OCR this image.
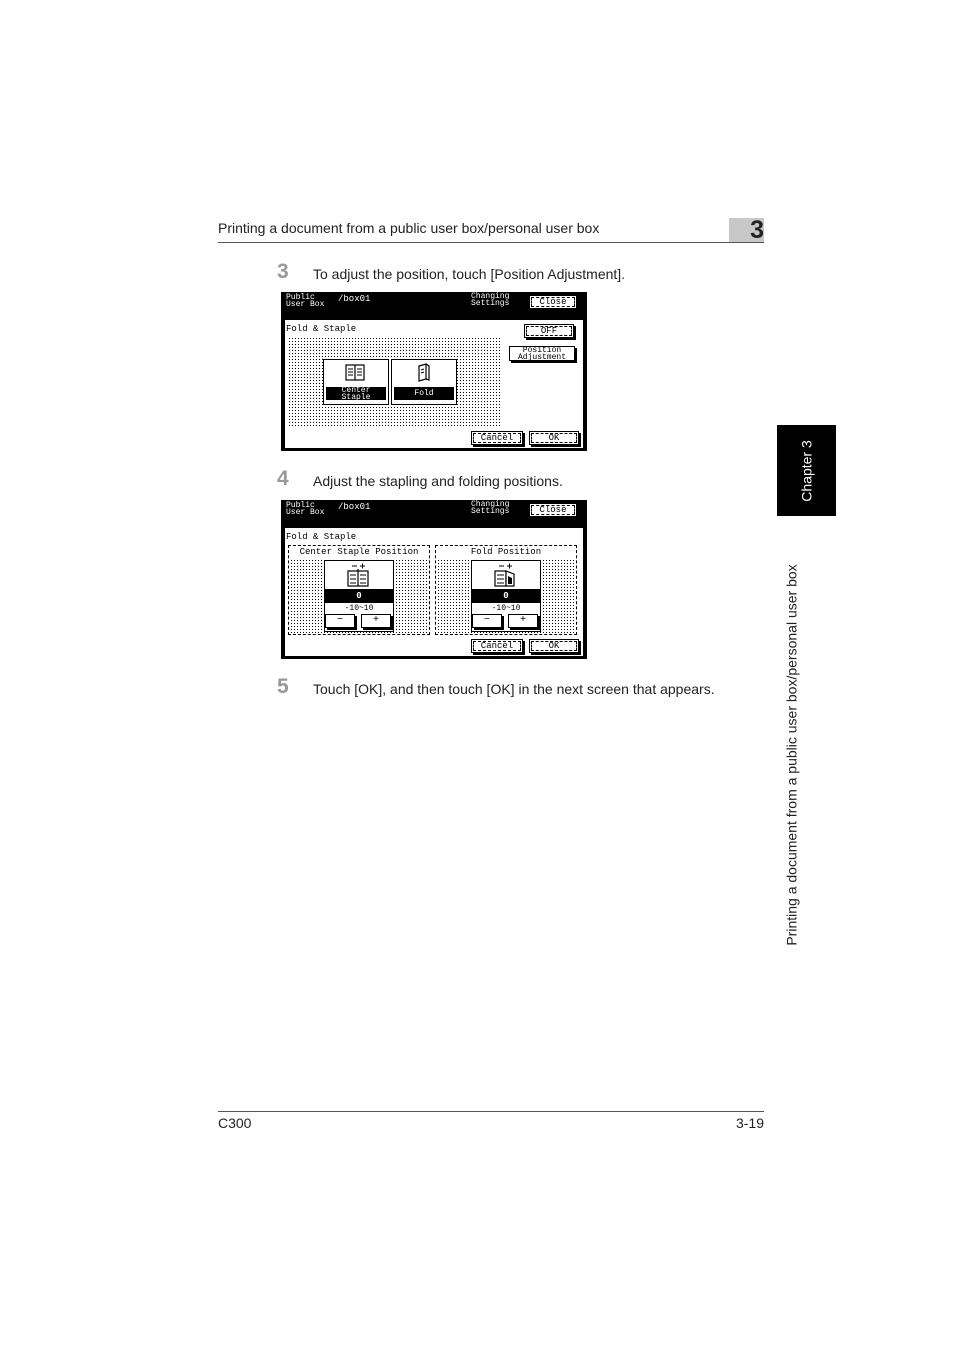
Printing a document from a public user box/personal user box	3
Chapter 3
Printing a document from a public user box/personal user box
3 To adjust the position, touch [Position Adjustment].
Public
User Box
/box01	Changing
Settings	Close
Fold & Staple	OFF
Position
Adjustment
Center
Staple	Fold
Cancel	OK
4 Adjust the stapling and folding positions.
Public
User Box
/box01	Changing
Settings	Close
Fold & Staple
Center Staple Position
0
-10~10
−	+
Fold Position
0
-10~10
−	+
Cancel	OK
5 Touch [OK], and then touch [OK] in the next screen that appears.
C300	3-19
